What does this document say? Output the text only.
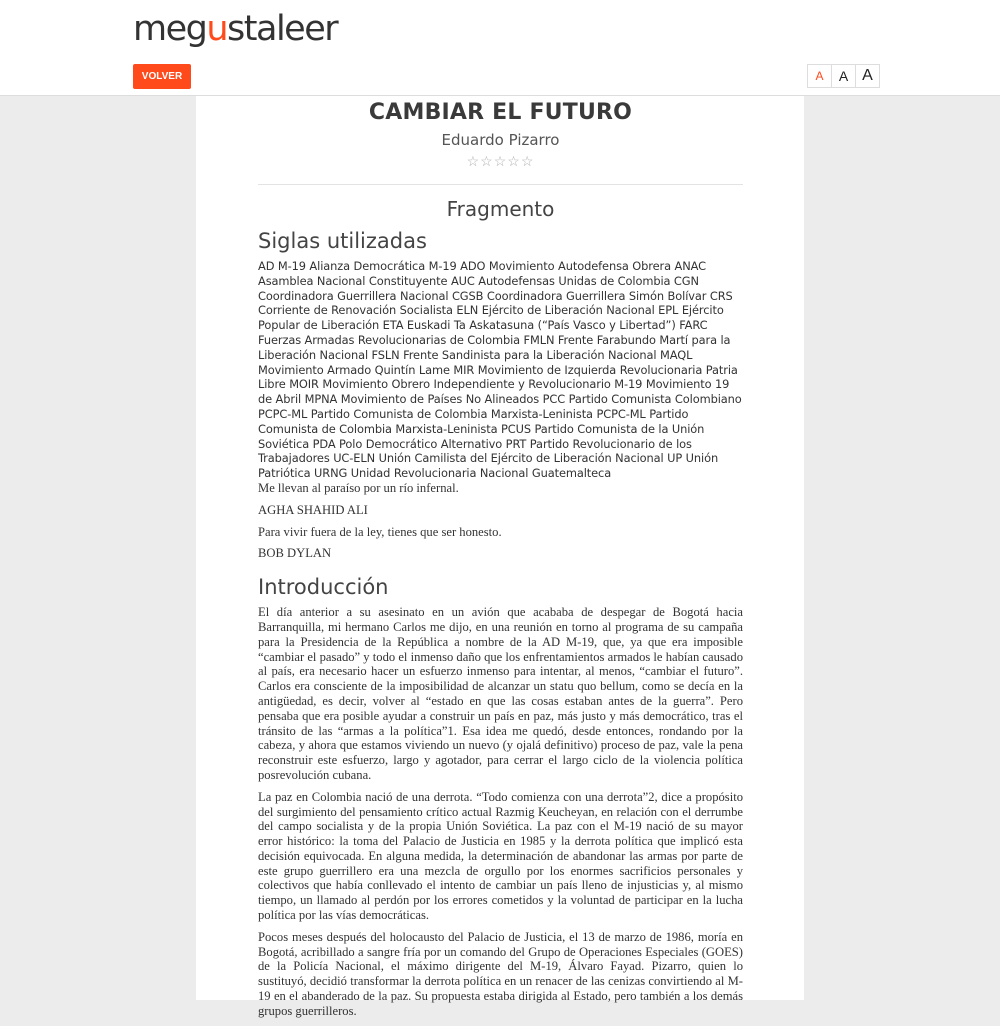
megustaleer
VOLVER	A	A A
CAMBIAR EL FUTURO
Eduardo Pizarro
☆☆☆☆☆
Fragmento
Siglas utilizadas

AD M-19 Alianza Democrática M-19 ADO Movimiento Autodefensa Obrera ANAC Asamblea Nacional Constituyente AUC Autodefensas Unidas de Colombia CGN Coordinadora Guerrillera Nacional CGSB Coordinadora Guerrillera Simón Bolívar CRS Corriente de Renovación Socialista ELN Ejército de Liberación Nacional EPL Ejército Popular de Liberación ETA Euskadi Ta Askatasuna (“País Vasco y Libertad”) FARC Fuerzas Armadas Revolucionarias de Colombia FMLN Frente Farabundo Martí para la Liberación Nacional FSLN Frente Sandinista para la Liberación Nacional MAQL Movimiento Armado Quintín Lame MIR Movimiento de Izquierda Revolucionaria Patria Libre MOIR Movimiento Obrero Independiente y Revolucionario M-19 Movimiento 19 de Abril MPNA Movimiento de Países No Alineados PCC Partido Comunista Colombiano PCPC-ML Partido Comunista de Colombia Marxista-Leninista PCPC-ML Partido Comunista de Colombia Marxista-Leninista PCUS Partido Comunista de la Unión Soviética PDA Polo Democrático Alternativo PRT Partido Revolucionario de los Trabajadores UC-ELN Unión Camilista del Ejército de Liberación Nacional UP Unión Patriótica URNG Unidad Revolucionaria Nacional Guatemalteca

Me llevan al paraíso por un río infernal.

AGHA SHAHID ALI

Para vivir fuera de la ley, tienes que ser honesto.

BOB DYLAN

Introducción

El día anterior a su asesinato en un avión que acababa de despegar de Bogotá hacia Barranquilla, mi hermano Carlos me dijo, en una reunión en torno al programa de su campaña para la Presidencia de la República a nombre de la AD M-19, que, ya que era imposible “cambiar el pasado” y todo el inmenso daño que los enfrentamientos armados le habían causado al país, era necesario hacer un esfuerzo inmenso para intentar, al menos, “cambiar el futuro”. Carlos era consciente de la imposibilidad de alcanzar un statu quo bellum, como se decía en la antigüedad, es decir, volver al “estado en que las cosas estaban antes de la guerra”. Pero pensaba que era posible ayudar a construir un país en paz, más justo y más democrático, tras el tránsito de las “armas a la política”1. Esa idea me quedó, desde entonces, rondando por la cabeza, y ahora que estamos viviendo un nuevo (y ojalá definitivo) proceso de paz, vale la pena reconstruir este esfuerzo, largo y agotador, para cerrar el largo ciclo de la violencia política posrevolución cubana.

La paz en Colombia nació de una derrota. “Todo comienza con una derrota”2, dice a propósito del surgimiento del pensamiento crítico actual Razmig Keucheyan, en relación con el derrumbe del campo socialista y de la propia Unión Soviética. La paz con el M-19 nació de su mayor error histórico: la toma del Palacio de Justicia en 1985 y la derrota política que implicó esta decisión equivocada. En alguna medida, la determinación de abandonar las armas por parte de este grupo guerrillero era una mezcla de orgullo por los enormes sacrificios personales y colectivos que había conllevado el intento de cambiar un país lleno de injusticias y, al mismo tiempo, un llamado al perdón por los errores cometidos y la voluntad de participar en la lucha política por las vías democráticas.

Pocos meses después del holocausto del Palacio de Justicia, el 13 de marzo de 1986, moría en Bogotá, acribillado a sangre fría por un comando del Grupo de Operaciones Especiales (GOES) de la Policía Nacional, el máximo dirigente del M-19, Álvaro Fayad. Pizarro, quien lo sustituyó, decidió transformar la derrota política en un renacer de las cenizas convirtiendo al M-19 en el abanderado de la paz. Su propuesta estaba dirigida al Estado, pero también a los demás grupos guerrilleros.
